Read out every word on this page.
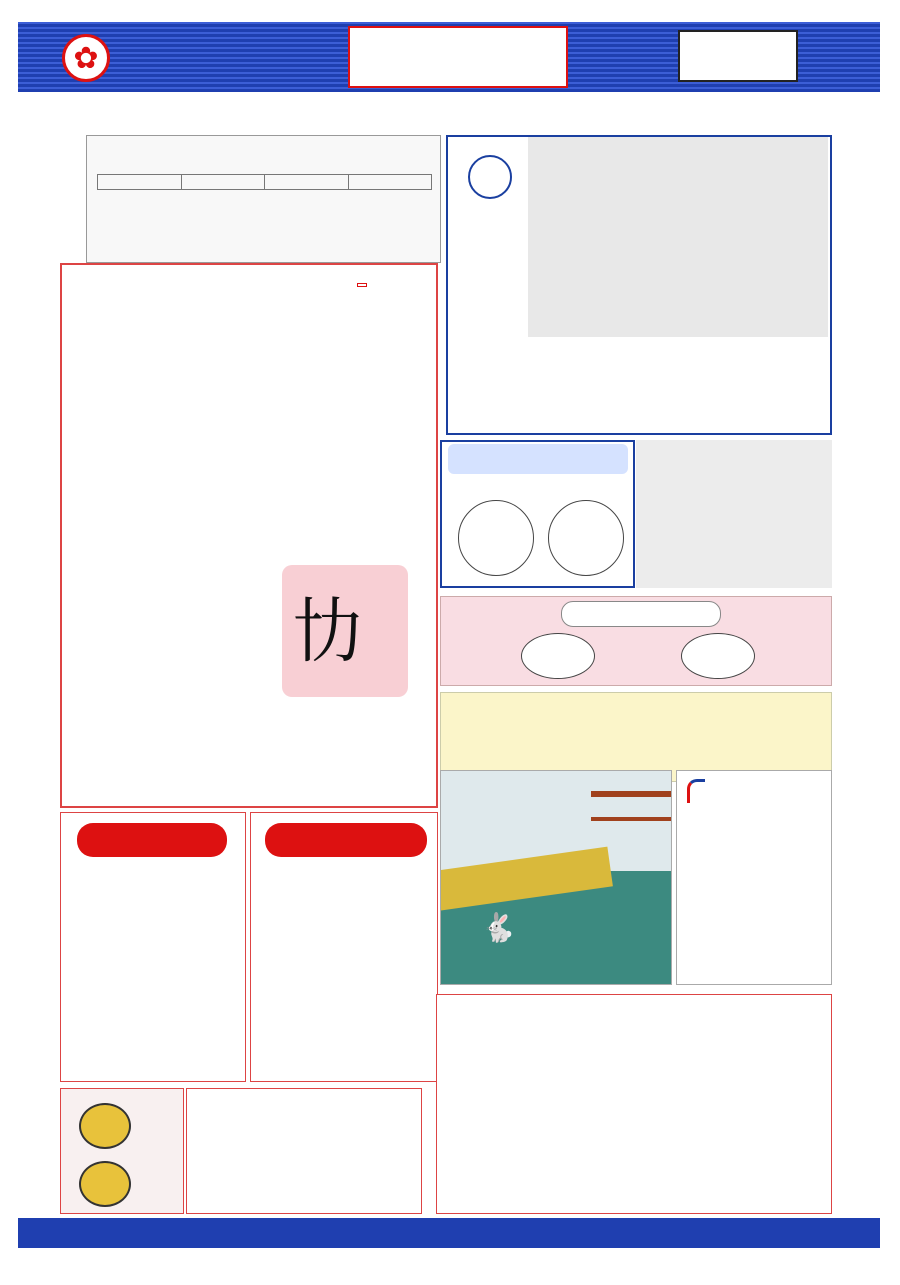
✿

㔹
🐇
